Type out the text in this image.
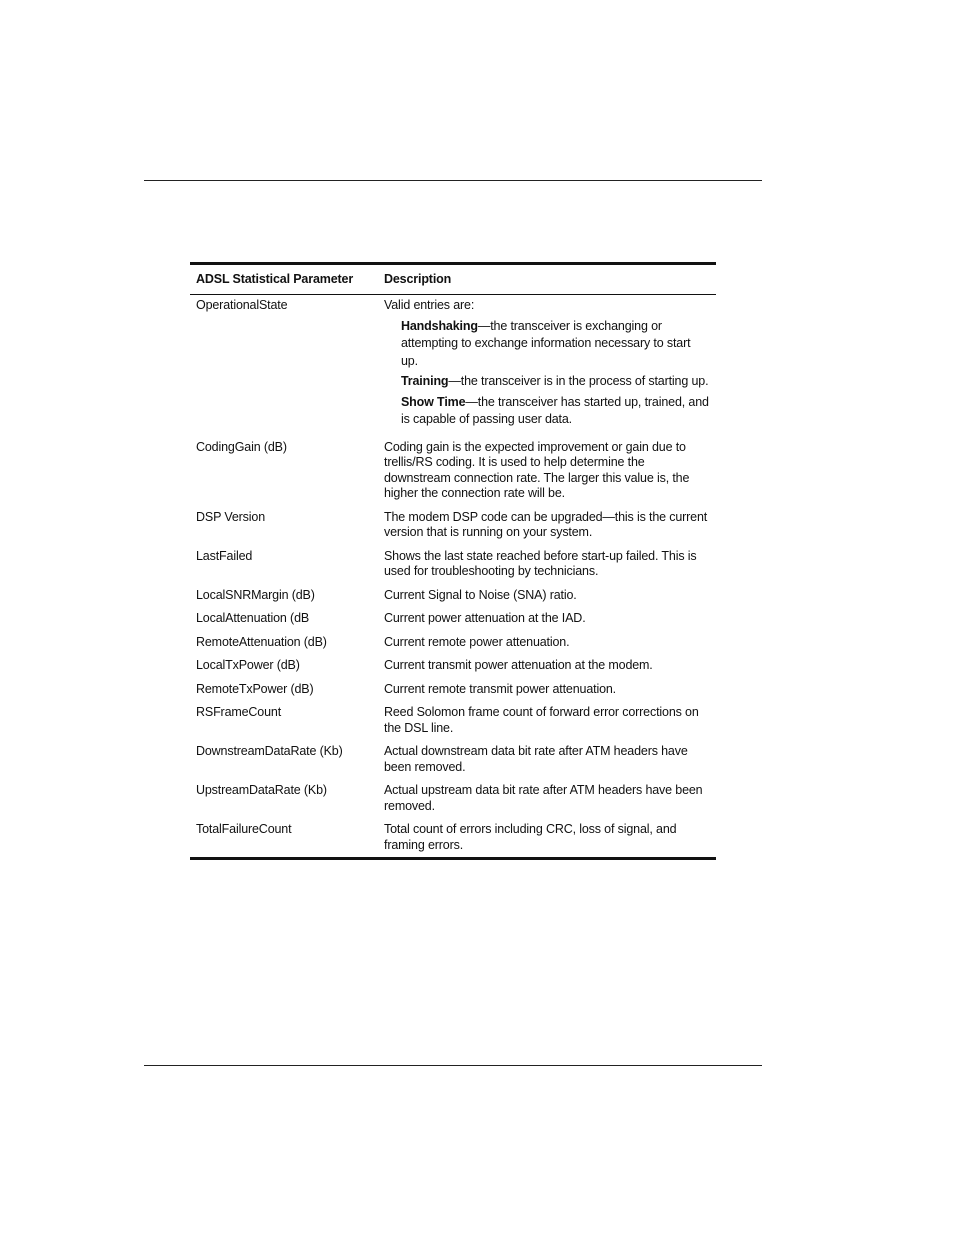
ADSL Statistical Parameter	Description
OperationalState	Valid entries are:
Handshaking—the transceiver is exchanging or attempting to exchange information necessary to start up.
Training—the transceiver is in the process of starting up.
Show Time—the transceiver has started up, trained, and is capable of passing user data.
CodingGain (dB)	Coding gain is the expected improvement or gain due to trellis/RS coding. It is used to help determine the downstream connection rate. The larger this value is, the higher the connection rate will be.
DSP Version	The modem DSP code can be upgraded—this is the current version that is running on your system.
LastFailed	Shows the last state reached before start-up failed. This is used for troubleshooting by technicians.
LocalSNRMargin (dB)	Current Signal to Noise (SNA) ratio.
LocalAttenuation (dB	Current power attenuation at the IAD.
RemoteAttenuation (dB)	Current remote power attenuation.
LocalTxPower (dB)	Current transmit power attenuation at the modem.
RemoteTxPower (dB)	Current remote transmit power attenuation.
RSFrameCount	Reed Solomon frame count of forward error corrections on the DSL line.
DownstreamDataRate (Kb)	Actual downstream data bit rate after ATM headers have been removed.
UpstreamDataRate (Kb)	Actual upstream data bit rate after ATM headers have been removed.
TotalFailureCount	Total count of errors including CRC, loss of signal, and framing errors.
